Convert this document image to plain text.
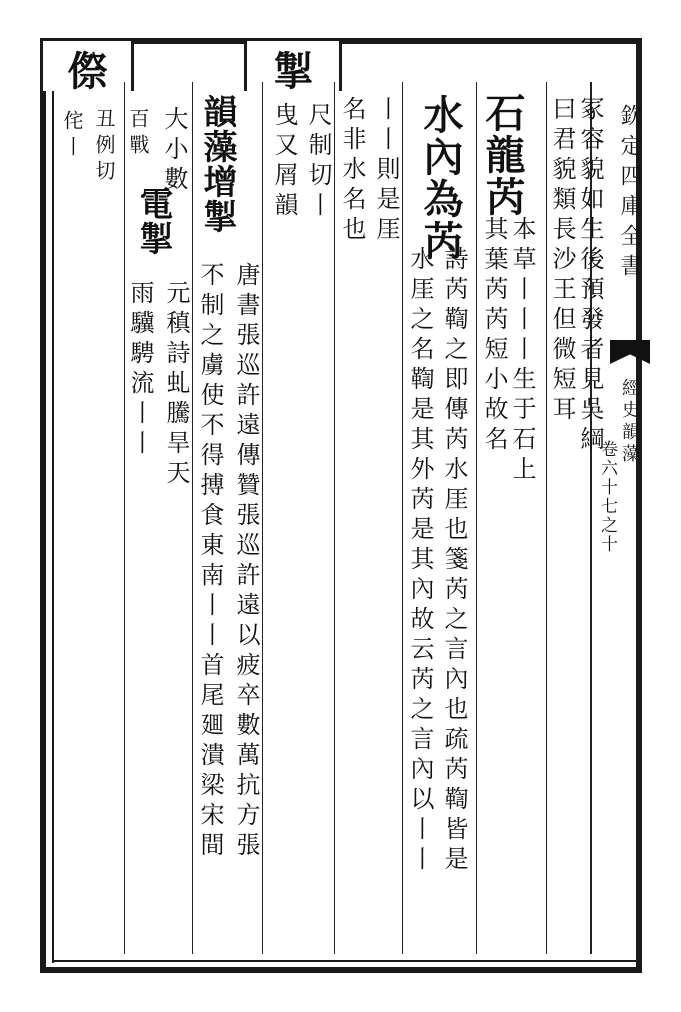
欽定四庫全書
經史韻藻
卷六十七之十
冢容貌如生後預發者見吳綱
曰君貌類長沙王但微短耳
石龍芮
本草丨丨丨生于石上
其葉芮芮短小故名
水內為芮
詩芮鞫之即傳芮水厓也箋芮之言內也疏芮鞫皆是
水厓之名鞫是其外芮是其內故云芮之言內以丨丨
丨丨則是厓
名非水名也
掣
尺制切丨
曳又屑韻
韻藻增掣
唐書張巡許遠傳贊張巡許遠以疲卒數萬抗方張
不制之虜使不得搏食東南丨丨首尾廽潰梁宋間
大小數
百戰
電掣
元稹詩虬騰旱天
雨驥騁流丨丨
傺
丑例切
侘丨
